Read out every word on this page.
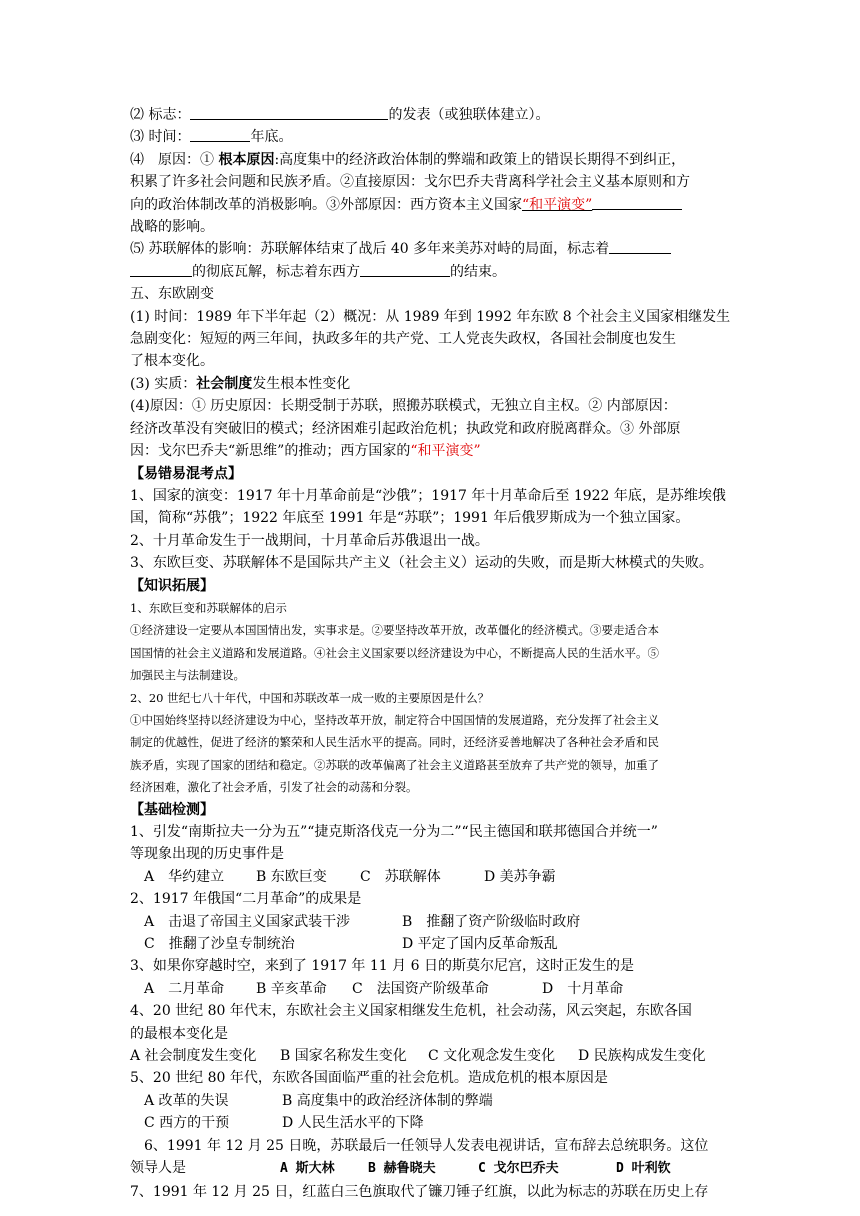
⑵ 标志：	的发表（或独联体建立）。

⑶ 时间：	年底。

⑷　原因：① 根本原因:高度集中的经济政治体制的弊端和政策上的错误长期得不到纠正，

积累了许多社会问题和民族矛盾。②直接原因：戈尔巴乔夫背离科学社会主义基本原则和方

向的政治体制改革的消极影响。③外部原因：西方资本主义国家“和平演变”

战略的影响。

⑸ 苏联解体的影响：苏联解体结束了战后 40 多年来美苏对峙的局面，标志着

的彻底瓦解，标志着东西方	的结束。

五、东欧剧变

(1) 时间：1989 年下半年起（2）概况：从 1989 年到 1992 年东欧 8 个社会主义国家相继发生

急剧变化：短短的两三年间，执政多年的共产党、工人党丧失政权，各国社会制度也发生

了根本变化。

(3) 实质：社会制度发生根本性变化

(4)原因：① 历史原因：长期受制于苏联，照搬苏联模式，无独立自主权。② 内部原因：

经济改革没有突破旧的模式；经济困难引起政治危机；执政党和政府脱离群众。③ 外部原

因：戈尔巴乔夫“新思维”的推动；西方国家的“和平演变”

【易错易混考点】

1、国家的演变：1917 年十月革命前是“沙俄”；1917 年十月革命后至 1922 年底，是苏维埃俄

国，简称“苏俄”；1922 年底至 1991 年是“苏联”；1991 年后俄罗斯成为一个独立国家。

2、十月革命发生于一战期间，十月革命后苏俄退出一战。

3、东欧巨变、苏联解体不是国际共产主义（社会主义）运动的失败，而是斯大林模式的失败。

【知识拓展】

1、东欧巨变和苏联解体的启示

①经济建设一定要从本国国情出发，实事求是。②要坚持改革开放，改革僵化的经济模式。③要走适合本

国国情的社会主义道路和发展道路。④社会主义国家要以经济建设为中心，不断提高人民的生活水平。⑤

加强民主与法制建设。

2、20 世纪七八十年代，中国和苏联改革一成一败的主要原因是什么？

①中国始终坚持以经济建设为中心，坚持改革开放，制定符合中国国情的发展道路，充分发挥了社会主义

制定的优越性，促进了经济的繁荣和人民生活水平的提高。同时，还经济妥善地解决了各种社会矛盾和民

族矛盾，实现了国家的团结和稳定。②苏联的改革偏离了社会主义道路甚至放弃了共产党的领导，加重了

经济困难，激化了社会矛盾，引发了社会的动荡和分裂。

【基础检测】

1、引发“南斯拉夫一分为五”“捷克斯洛伐克一分为二”“民主德国和联邦德国合并统一”

等现象出现的历史事件是

A　华约建立 B 东欧巨变 C　苏联解体	D 美苏争霸

2、1917 年俄国“二月革命”的成果是

A　击退了帝国主义国家武装干涉	B　推翻了资产阶级临时政府

C　推翻了沙皇专制统治	D 平定了国内反革命叛乱

3、如果你穿越时空，来到了 1917 年 11 月 6 日的斯莫尔尼宫，这时正发生的是

A　二月革命 B 辛亥革命 C　法国资产阶级革命	D　十月革命

4、20 世纪 80 年代末，东欧社会主义国家相继发生危机，社会动荡，风云突起，东欧各国

的最根本变化是

A 社会制度发生变化 B 国家名称发生变化 C 文化观念发生变化 D 民族构成发生变化

5、20 世纪 80 年代，东欧各国面临严重的社会危机。造成危机的根本原因是

A 改革的失误	B 高度集中的政治经济体制的弊端

C 西方的干预	D 人民生活水平的下降

6、1991 年 12 月 25 日晚，苏联最后一任领导人发表电视讲话，宣布辞去总统职务。这位

领导人是	A 斯大林	B 赫鲁晓夫	C 戈尔巴乔夫	D 叶利钦

7、1991 年 12 月 25 日，红蓝白三色旗取代了镰刀锤子红旗，以此为标志的苏联在历史上存
